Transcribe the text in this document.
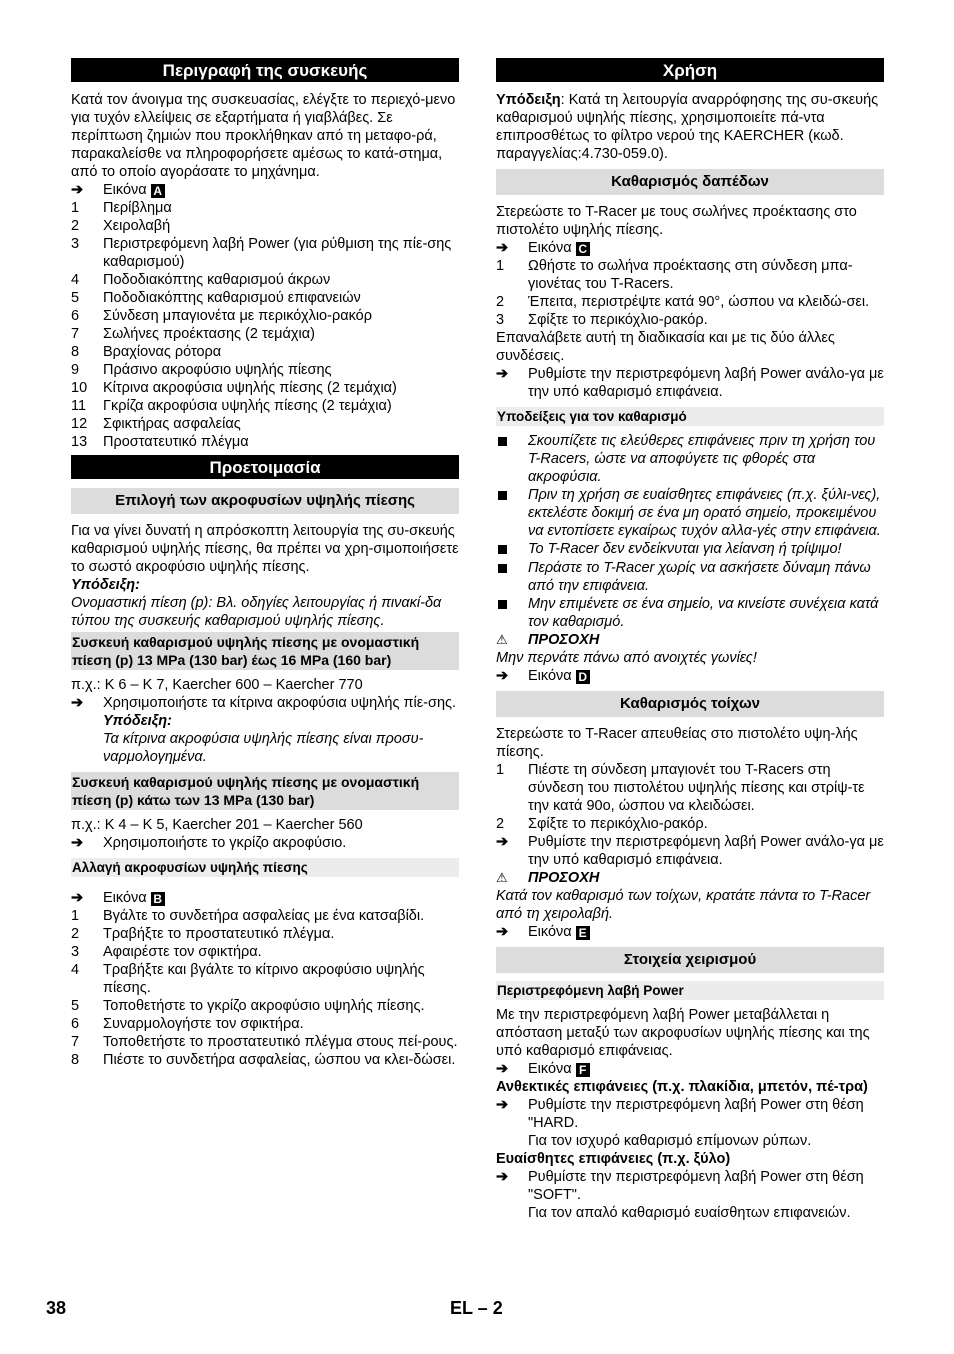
Περιγραφή της συσκευής

Κατά τον άνοιγμα της συσκευασίας, ελέγξτε το περιεχό-μενο για τυχόν ελλείψεις σε εξαρτήματα ή γιαβλάβες. Σε περίπτωση ζημιών που προκλήθηκαν από τη μεταφο-ρά, παρακαλείσθε να πληροφορήσετε αμέσως το κατά-στημα, από το οποίο αγοράσατε το μηχάνημα.

➔	Εικόνα A
1	Περίβλημα
2	Χειρολαβή
3	Περιστρεφόμενη λαβή Power (για ρύθμιση της πίε-σης καθαρισμού)
4	Ποδοδιακόπτης καθαρισμού άκρων
5	Ποδοδιακόπτης καθαρισμού επιφανειών
6	Σύνδεση μπαγιονέτα με περικόχλιο-ρακόρ
7	Σωλήνες προέκτασης (2 τεμάχια)
8	Βραχίονας ρότορα
9	Πράσινο ακροφύσιο υψηλής πίεσης
10	Κίτρινα ακροφύσια υψηλής πίεσης (2 τεμάχια)
11	Γκρίζα ακροφύσια υψηλής πίεσης (2 τεμάχια)
12	Σφικτήρας ασφαλείας
13	Προστατευτικό πλέγμα
Προετοιμασία
Επιλογή των ακροφυσίων υψηλής πίεσης

Για να γίνει δυνατή η απρόσκοπτη λειτουργία της συ-σκευής καθαρισμού υψηλής πίεσης, θα πρέπει να χρη-σιμοποιήσετε το σωστό ακροφύσιο υψηλής πίεσης.

Υπόδειξη:

Ονομαστική πίεση (p): Βλ. οδηγίες λειτουργίας ή πινακί-δα τύπου της συσκευής καθαρισμού υψηλής πίεσης.

Συσκευή καθαρισμού υψηλής πίεσης με ονομαστική πίεση (p) 13 MPa (130 bar) έως 16 MPa (160 bar)

π.χ.: K 6 – K 7, Kaercher 600 – Kaercher 770

➔	Χρησιμοποιήστε τα κίτρινα ακροφύσια υψηλής πίε-σης.

Υπόδειξη:

Τα κίτρινα ακροφύσια υψηλής πίεσης είναι προσυ-ναρμολογημένα.

Συσκευή καθαρισμού υψηλής πίεσης με ονομαστική πίεση (p) κάτω των 13 MPa (130 bar)

π.χ.: K 4 – K 5, Kaercher 201 – Kaercher 560

➔	Χρησιμοποιήστε το γκρίζο ακροφύσιο.
Αλλαγή ακροφυσίων υψηλής πίεσης
➔	Εικόνα B
1	Βγάλτε το συνδετήρα ασφαλείας με ένα κατσαβίδι.
2	Τραβήξτε το προστατευτικό πλέγμα.
3	Αφαιρέστε τον σφικτήρα.
4	Τραβήξτε και βγάλτε το κίτρινο ακροφύσιο υψηλής πίεσης.
5	Τοποθετήστε το γκρίζο ακροφύσιο υψηλής πίεσης.
6	Συναρμολογήστε τον σφικτήρα.
7	Τοποθετήστε το προστατευτικό πλέγμα στους πεί-ρους.
8	Πιέστε το συνδετήρα ασφαλείας, ώσπου να κλει-δώσει.
Χρήση

Υπόδειξη: Κατά τη λειτουργία αναρρόφησης της συ-σκευής καθαρισμού υψηλής πίεσης, χρησιμοποιείτε πά-ντα επιπροσθέτως το φίλτρο νερού της KAERCHER (κωδ. παραγγελίας:4.730-059.0).

Καθαρισμός δαπέδων

Στερεώστε το T-Racer με τους σωλήνες προέκτασης στο πιστολέτο υψηλής πίεσης.

➔	Εικόνα C
1	Ωθήστε το σωλήνα προέκτασης στη σύνδεση μπα-γιονέτας του T-Racers.
2	Έπειτα, περιστρέψτε κατά 90°, ώσπου να κλειδώ-σει.
3	Σφίξτε το περικόχλιο-ρακόρ.

Επαναλάβετε αυτή τη διαδικασία και με τις δύο άλλες συνδέσεις.

➔	Ρυθμίστε την περιστρεφόμενη λαβή Power ανάλο-γα με την υπό καθαρισμό επιφάνεια.
Υποδείξεις για τον καθαρισμό
Σκουπίζετε τις ελεύθερες επιφάνειες πριν τη χρήση του T-Racers, ώστε να αποφύγετε τις φθορές στα ακροφύσια.
Πριν τη χρήση σε ευαίσθητες επιφάνειες (π.χ. ξύλι-νες), εκτελέστε δοκιμή σε ένα μη ορατό σημείο, προκειμένου να εντοπίσετε εγκαίρως τυχόν αλλα-γές στην επιφάνεια.
Το T-Racer δεν ενδείκνυται για λείανση ή τρίψιμο!
Περάστε το T-Racer χωρίς να ασκήσετε δύναμη πάνω από την επιφάνεια.
Μην επιμένετε σε ένα σημείο, να κινείστε συνέχεια κατά τον καθαρισμό.
⚠	ΠΡΟΣΟΧΗ

Μην περνάτε πάνω από ανοιχτές γωνίες!

➔	Εικόνα D
Καθαρισμός τοίχων

Στερεώστε το T-Racer απευθείας στο πιστολέτο υψη-λής πίεσης.

1	Πιέστε τη σύνδεση μπαγιονέτ του T-Racers στη σύνδεση του πιστολέτου υψηλής πίεσης και στρίψ-τε την κατά 90ο, ώσπου να κλειδώσει.
2	Σφίξτε το περικόχλιο-ρακόρ.
➔	Ρυθμίστε την περιστρεφόμενη λαβή Power ανάλο-γα με την υπό καθαρισμό επιφάνεια.
⚠	ΠΡΟΣΟΧΗ

Κατά τον καθαρισμό των τοίχων, κρατάτε πάντα το T-Racer από τη χειρολαβή.

➔	Εικόνα E
Στοιχεία χειρισμού
Περιστρεφόμενη λαβή Power

Με την περιστρεφόμενη λαβή Power μεταβάλλεται η απόσταση μεταξύ των ακροφυσίων υψηλής πίεσης και της υπό καθαρισμό επιφάνειας.

➔	Εικόνα F

Ανθεκτικές επιφάνειες (π.χ. πλακίδια, μπετόν, πέ-τρα)

➔	Ρυθμίστε την περιστρεφόμενη λαβή Power στη θέση "HARD.

Για τον ισχυρό καθαρισμό επίμονων ρύπων.

Ευαίσθητες επιφάνειες (π.χ. ξύλο)

➔	Ρυθμίστε την περιστρεφόμενη λαβή Power στη θέση "SOFT".

Για τον απαλό καθαρισμό ευαίσθητων επιφανειών.

38	EL – 2
